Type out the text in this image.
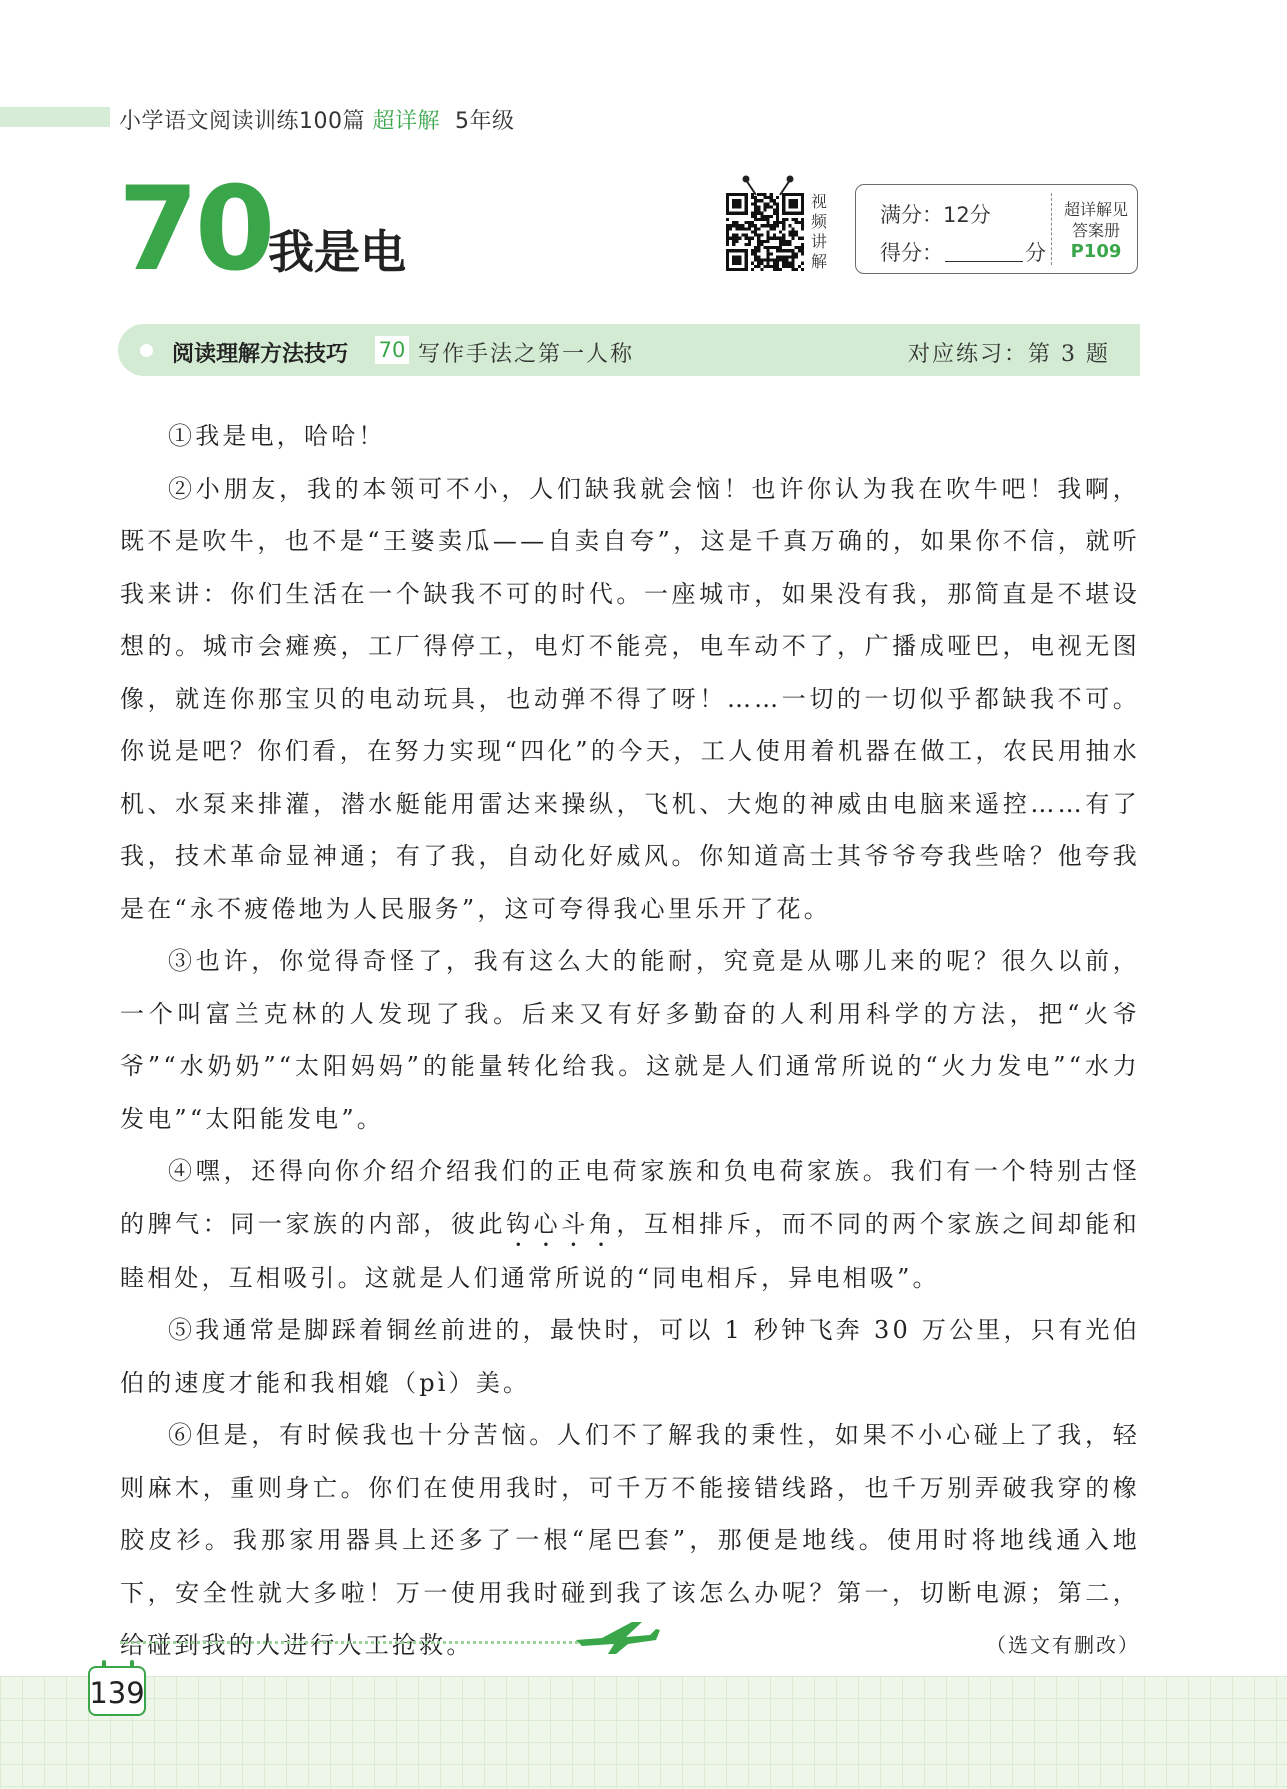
小学语文阅读训练100篇 超详解 5年级
70
我是电
视
频
讲
解
满分：12分
得分：	分
超详解见
答案册
P109
阅读理解方法技巧 70 写作手法之第一人称	对应练习：第 3 题

①我是电，哈哈！

②小朋友，我的本领可不小，人们缺我就会恼！也许你认为我在吹牛吧！我啊，既不是吹牛，也不是“王婆卖瓜——自卖自夸”，这是千真万确的，如果你不信，就听我来讲：你们生活在一个缺我不可的时代。一座城市，如果没有我，那简直是不堪设想的。城市会瘫痪，工厂得停工，电灯不能亮，电车动不了，广播成哑巴，电视无图像，就连你那宝贝的电动玩具，也动弹不得了呀！……一切的一切似乎都缺我不可。你说是吧？你们看，在努力实现“四化”的今天，工人使用着机器在做工，农民用抽水机、水泵来排灌，潜水艇能用雷达来操纵，飞机、大炮的神威由电脑来遥控……有了我，技术革命显神通；有了我，自动化好威风。你知道高士其爷爷夸我些啥？他夸我是在“永不疲倦地为人民服务”，这可夸得我心里乐开了花。

③也许，你觉得奇怪了，我有这么大的能耐，究竟是从哪儿来的呢？很久以前，一个叫富兰克林的人发现了我。后来又有好多勤奋的人利用科学的方法，把“火爷爷”“水奶奶”“太阳妈妈”的能量转化给我。这就是人们通常所说的“火力发电”“水力发电”“太阳能发电”。

④嘿，还得向你介绍介绍我们的正电荷家族和负电荷家族。我们有一个特别古怪的脾气：同一家族的内部，彼此钩心斗角，互相排斥，而不同的两个家族之间却能和睦相处，互相吸引。这就是人们通常所说的“同电相斥，异电相吸”。

⑤我通常是脚踩着铜丝前进的，最快时，可以 1 秒钟飞奔 30 万公里，只有光伯伯的速度才能和我相媲（pì）美。

⑥但是，有时候我也十分苦恼。人们不了解我的秉性，如果不小心碰上了我，轻则麻木，重则身亡。你们在使用我时，可千万不能接错线路，也千万别弄破我穿的橡胶皮衫。我那家用器具上还多了一根“尾巴套”，那便是地线。使用时将地线通入地下，安全性就大多啦！万一使用我时碰到我了该怎么办呢？第一，切断电源；第二，给碰到我的人进行人工抢救。	（选文有删改）
139
